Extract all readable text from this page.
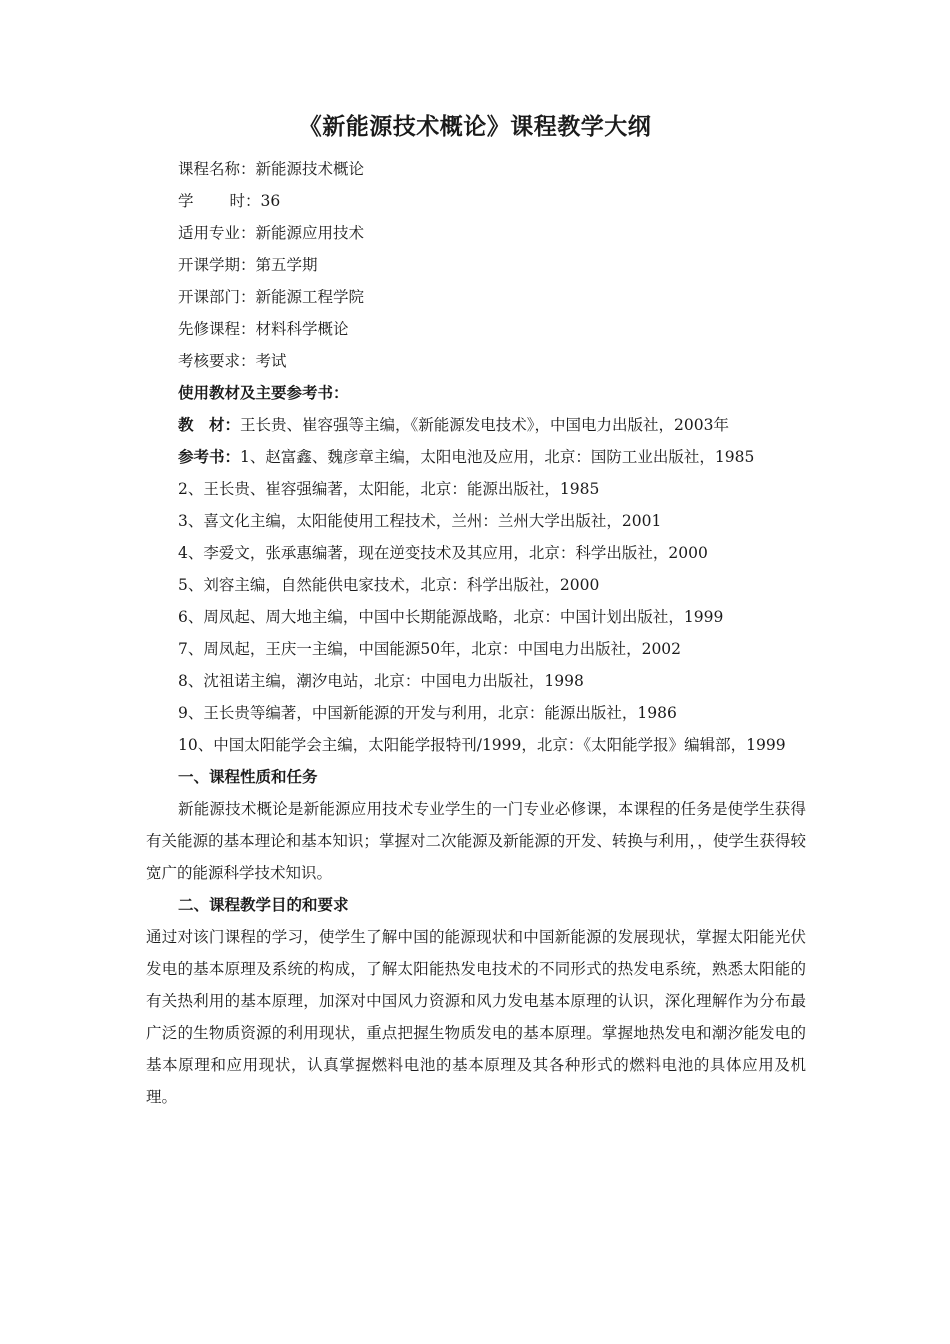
《新能源技术概论》课程教学大纲
课程名称：新能源技术概论
学 时：36
适用专业：新能源应用技术
开课学期：第五学期
开课部门：新能源工程学院
先修课程：材料科学概论
考核要求：考试
使用教材及主要参考书：
教　材：王长贵、崔容强等主编，《新能源发电技术》，中国电力出版社，2003年
参考书：1、赵富鑫、魏彦章主编，太阳电池及应用，北京：国防工业出版社，1985
2、王长贵、崔容强编著，太阳能，北京：能源出版社，1985
3、喜文化主编，太阳能使用工程技术，兰州：兰州大学出版社，2001
4、李爱文，张承惠编著，现在逆变技术及其应用，北京：科学出版社，2000
5、刘容主编，自然能供电家技术，北京：科学出版社，2000
6、周凤起、周大地主编，中国中长期能源战略，北京：中国计划出版社，1999
7、周凤起，王庆一主编，中国能源50年，北京：中国电力出版社，2002
8、沈祖诺主编，潮汐电站，北京：中国电力出版社，1998
9、王长贵等编著，中国新能源的开发与利用，北京：能源出版社，1986
10、中国太阳能学会主编，太阳能学报特刊/1999，北京：《太阳能学报》编辑部，1999
一、课程性质和任务
新能源技术概论是新能源应用技术专业学生的一门专业必修课，本课程的任务是使学生获得有关能源的基本理论和基本知识；掌握对二次能源及新能源的开发、转换与利用，，使学生获得较宽广的能源科学技术知识。
二、课程教学目的和要求
通过对该门课程的学习，使学生了解中国的能源现状和中国新能源的发展现状，掌握太阳能光伏发电的基本原理及系统的构成，了解太阳能热发电技术的不同形式的热发电系统，熟悉太阳能的有关热利用的基本原理，加深对中国风力资源和风力发电基本原理的认识，深化理解作为分布最广泛的生物质资源的利用现状，重点把握生物质发电的基本原理。掌握地热发电和潮汐能发电的基本原理和应用现状，认真掌握燃料电池的基本原理及其各种形式的燃料电池的具体应用及机理。
